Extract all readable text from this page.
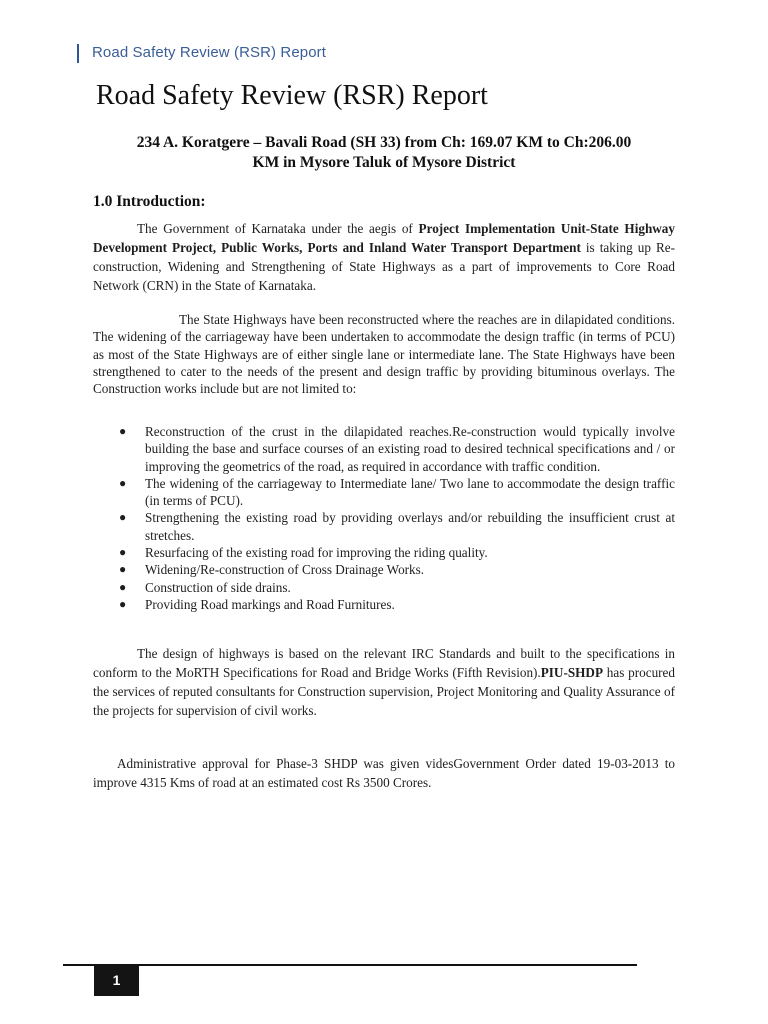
Road Safety Review (RSR) Report
Road Safety Review (RSR) Report
234 A. Koratgere – Bavali Road (SH 33) from Ch: 169.07 KM to Ch:206.00
KM in Mysore Taluk of Mysore District
1.0 Introduction:

The Government of Karnataka under the aegis of Project Implementation Unit-State Highway Development Project, Public Works, Ports and Inland Water Transport Department is taking up Re-construction, Widening and Strengthening of State Highways as a part of improvements to Core Road Network (CRN) in the State of Karnataka.

The State Highways have been reconstructed where the reaches are in dilapidated conditions. The widening of the carriageway have been undertaken to accommodate the design traffic (in terms of PCU) as most of the State Highways are of either single lane or intermediate lane. The State Highways have been strengthened to cater to the needs of the present and design traffic by providing bituminous overlays. The Construction works include but are not limited to:

● Reconstruction of the crust in the dilapidated reaches.Re-construction would typically involve building the base and surface courses of an existing road to desired technical specifications and / or improving the geometrics of the road, as required in accordance with traffic condition.
● The widening of the carriageway to Intermediate lane/ Two lane to accommodate the design traffic (in terms of PCU).
● Strengthening the existing road by providing overlays and/or rebuilding the insufficient crust at stretches.
● Resurfacing of the existing road for improving the riding quality.
● Widening/Re-construction of Cross Drainage Works.
● Construction of side drains.
● Providing Road markings and Road Furnitures.

The design of highways is based on the relevant IRC Standards and built to the specifications in conform to the MoRTH Specifications for Road and Bridge Works (Fifth Revision).PIU-SHDP has procured the services of reputed consultants for Construction supervision, Project Monitoring and Quality Assurance of the projects for supervision of civil works.

Administrative approval for Phase-3 SHDP was given videsGovernment Order dated 19-03-2013 to improve 4315 Kms of road at an estimated cost Rs 3500 Crores.

1
